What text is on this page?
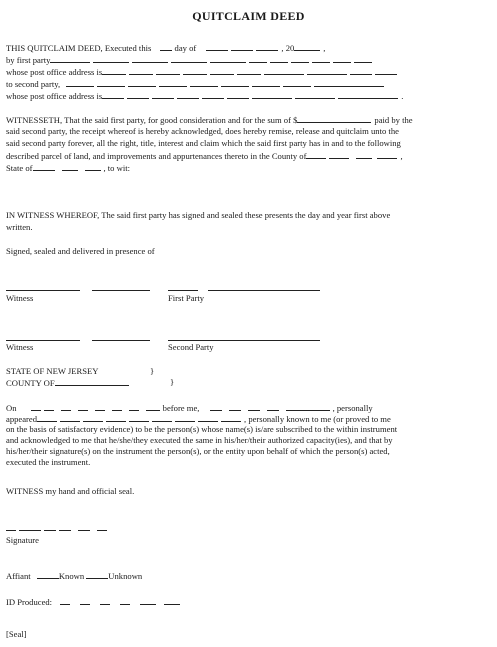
QUITCLAIM DEED
THIS QUITCLAIM DEED, Executed this	day of	, 20	,
by first party
whose post office address is
to second party,
whose post office address is	.
WITNESSETH, That the said first party, for good consideration and for the sum of $	paid by the
said second party, the receipt whereof is hereby acknowledged, does hereby remise, release and quitclaim unto the
said second party forever, all the right, title, interest and claim which the said first party has in and to the following
described parcel of land, and improvements and appurtenances thereto in the County of	,
State of	, to wit:
IN WITNESS WHEREOF, The said first party has signed and sealed these presents the day and year first above
written.
Signed, sealed and delivered in presence of
Witness	First Party
Witness	Second Party
STATE OF NEW JERSEY	}
COUNTY OF	}
On	before me,	, personally
appeared	, personally known to me (or proved to me
on the basis of satisfactory evidence) to be the person(s) whose name(s) is/are subscribed to the within instrument
and acknowledged to me that he/she/they executed the same in his/her/their authorized capacity(ies), and that by
his/her/their signature(s) on the instrument the person(s), or the entity upon behalf of which the person(s) acted,
executed the instrument.
WITNESS my hand and official seal.
Signature
Affiant	Known	Unknown
ID Produced:
[Seal]
